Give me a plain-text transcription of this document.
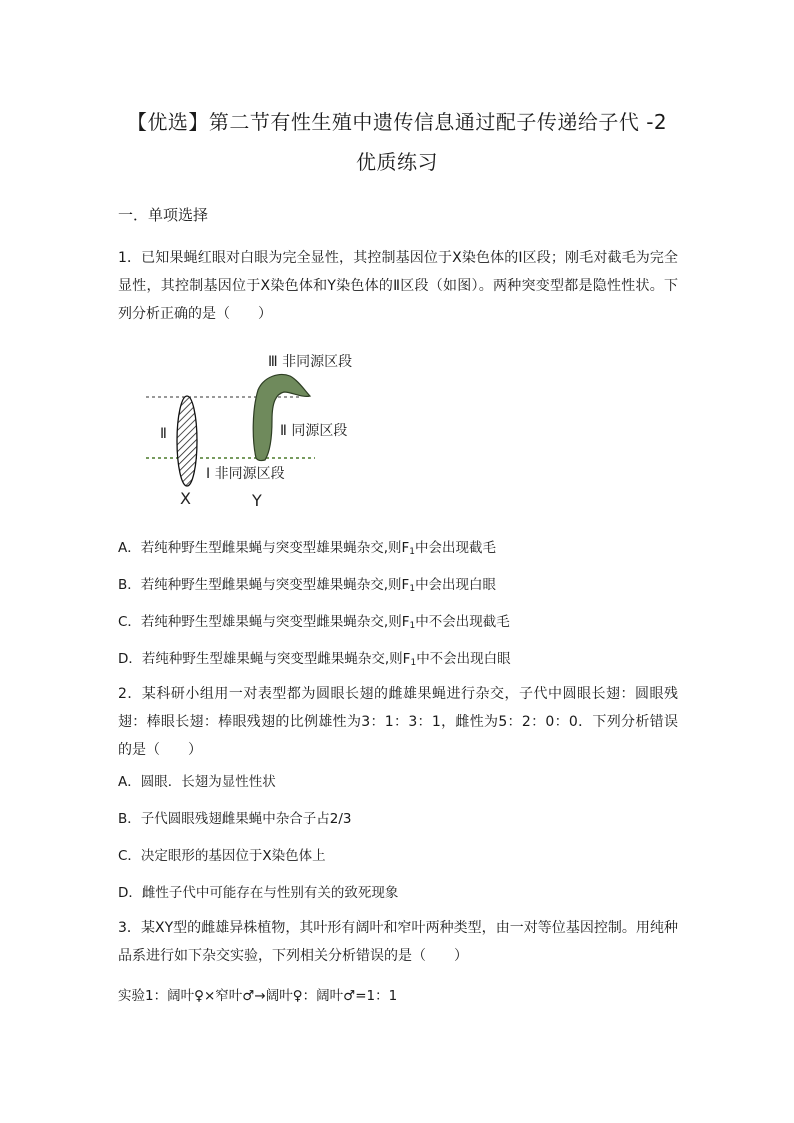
【优选】第二节有性生殖中遗传信息通过配子传递给子代 -2
优质练习
一．单项选择
1．已知果蝇红眼对白眼为完全显性，其控制基因位于X染色体的Ⅰ区段；刚毛对截毛为完全显性，其控制基因位于X染色体和Y染色体的Ⅱ区段（如图）。两种突变型都是隐性性状。下列分析正确的是（　　）
Ⅲ 非同源区段
Ⅱ	Ⅱ 同源区段
Ⅰ 非同源区段
X	Y
A．若纯种野生型雌果蝇与突变型雄果蝇杂交,则$F_1$中会出现截毛
B．若纯种野生型雌果蝇与突变型雄果蝇杂交,则$F_1$中会出现白眼
C．若纯种野生型雄果蝇与突变型雌果蝇杂交,则$F_1$中不会出现截毛
D．若纯种野生型雄果蝇与突变型雌果蝇杂交,则$F_1$中不会出现白眼
2．某科研小组用一对表型都为圆眼长翅的雌雄果蝇进行杂交，子代中圆眼长翅：圆眼残翅：棒眼长翅：棒眼残翅的比例雄性为3：1：3：1，雌性为5：2：0：0．下列分析错误的是（　　）
A．圆眼．长翅为显性性状
B．子代圆眼残翅雌果蝇中杂合子占2/3
C．决定眼形的基因位于X染色体上
D．雌性子代中可能存在与性别有关的致死现象
3．某XY型的雌雄异株植物，其叶形有阔叶和窄叶两种类型，由一对等位基因控制。用纯种品系进行如下杂交实验，下列相关分析错误的是（　　）
实验1：阔叶♀×窄叶♂→阔叶♀：阔叶♂=1：1
